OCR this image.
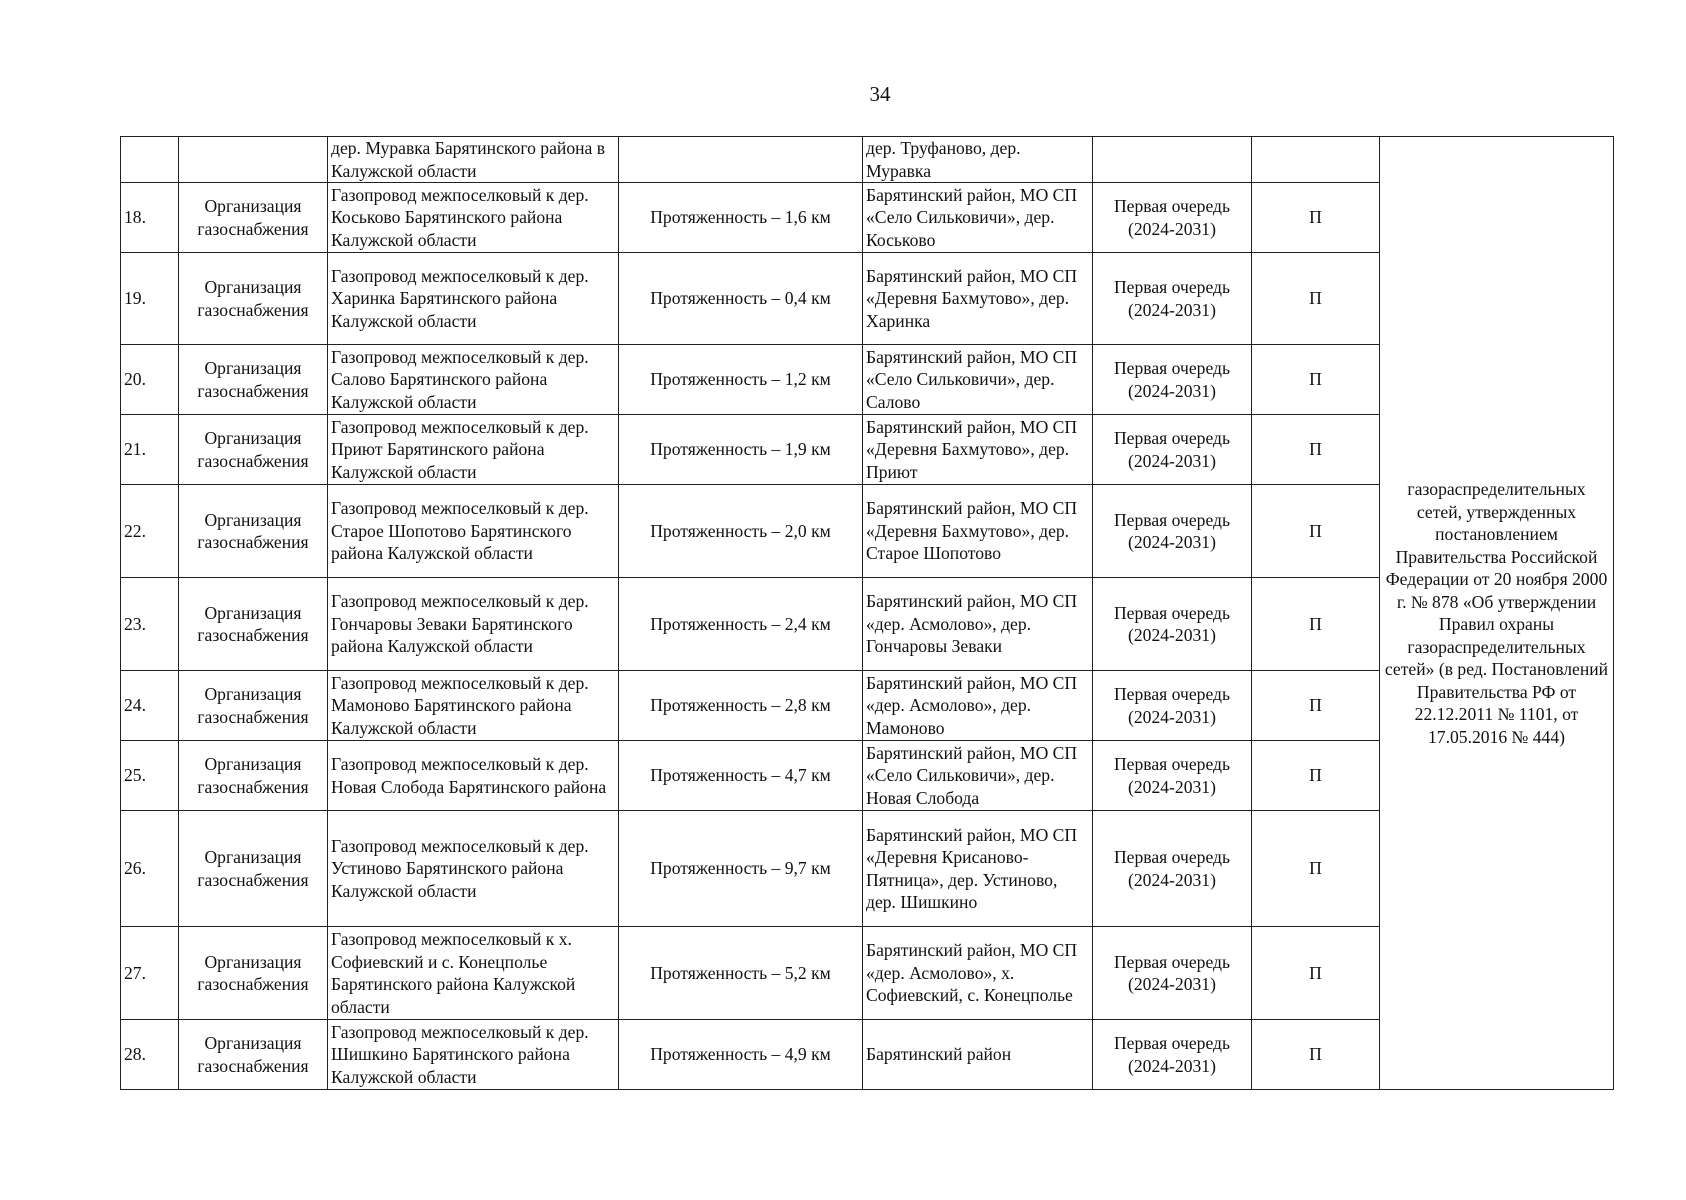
34
		дер. Муравка Барятинского района в Калужской области		дер. Труфаново, дер. Муравка			газораспределительных сетей, утвержденных постановлением Правительства Российской Федерации от 20 ноября 2000 г. № 878 «Об утверждении Правил охраны газораспределительных сетей» (в ред. Постановлений Правительства РФ от 22.12.2011 № 1101, от 17.05.2016 № 444)
18.	Организация газоснабжения	Газопровод межпоселковый к дер. Коськово Барятинского района Калужской области	Протяженность – 1,6 км	Барятинский район, МО СП «Село Сильковичи», дер. Коськово	Первая очередь (2024-2031)	П	
19.	Организация газоснабжения	Газопровод межпоселковый к дер. Харинка Барятинского района Калужской области	Протяженность – 0,4 км	Барятинский район, МО СП «Деревня Бахмутово», дер. Харинка	Первая очередь (2024-2031)	П	
20.	Организация газоснабжения	Газопровод межпоселковый к дер. Салово Барятинского района Калужской области	Протяженность – 1,2 км	Барятинский район, МО СП «Село Сильковичи», дер. Салово	Первая очередь (2024-2031)	П	
21.	Организация газоснабжения	Газопровод межпоселковый к дер. Приют Барятинского района Калужской области	Протяженность – 1,9 км	Барятинский район, МО СП «Деревня Бахмутово», дер. Приют	Первая очередь (2024-2031)	П	
22.	Организация газоснабжения	Газопровод межпоселковый к дер. Старое Шопотово Барятинского района Калужской области	Протяженность – 2,0 км	Барятинский район, МО СП «Деревня Бахмутово», дер. Старое Шопотово	Первая очередь (2024-2031)	П	
23.	Организация газоснабжения	Газопровод межпоселковый к дер. Гончаровы Зеваки Барятинского района Калужской области	Протяженность – 2,4 км	Барятинский район, МО СП «дер. Асмолово», дер. Гончаровы Зеваки	Первая очередь (2024-2031)	П	
24.	Организация газоснабжения	Газопровод межпоселковый к дер. Мамоново Барятинского района Калужской области	Протяженность – 2,8 км	Барятинский район, МО СП «дер. Асмолово», дер. Мамоново	Первая очередь (2024-2031)	П	
25.	Организация газоснабжения	Газопровод межпоселковый к дер. Новая Слобода Барятинского района	Протяженность – 4,7 км	Барятинский район, МО СП «Село Сильковичи», дер. Новая Слобода	Первая очередь (2024-2031)	П	
26.	Организация газоснабжения	Газопровод межпоселковый к дер. Устиново Барятинского района Калужской области	Протяженность – 9,7 км	Барятинский район, МО СП «Деревня Крисаново-Пятница», дер. Устиново, дер. Шишкино	Первая очередь (2024-2031)	П	
27.	Организация газоснабжения	Газопровод межпоселковый к х. Софиевский и с. Конецполье Барятинского района Калужской области	Протяженность – 5,2 км	Барятинский район, МО СП «дер. Асмолово», х. Софиевский, с. Конецполье	Первая очередь (2024-2031)	П	
28.	Организация газоснабжения	Газопровод межпоселковый к дер. Шишкино Барятинского района Калужской области	Протяженность – 4,9 км	Барятинский район	Первая очередь (2024-2031)	П	
